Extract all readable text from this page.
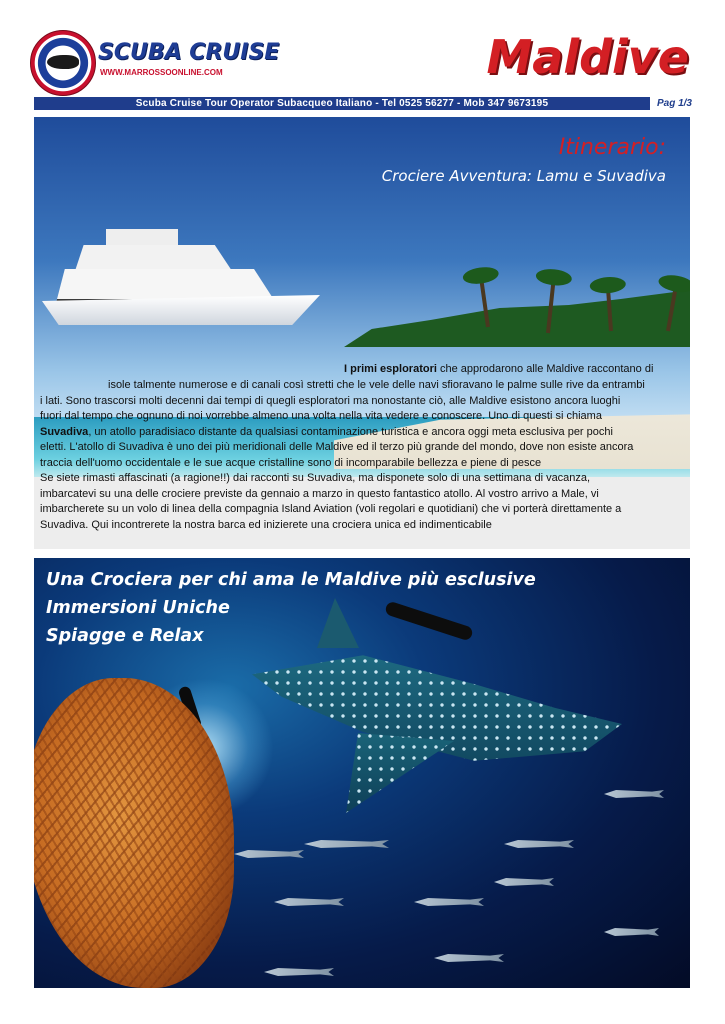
SCUBA CRUISE
WWW.MARROSSOONLINE.COM	Maldive
Scuba Cruise Tour Operator Subacqueo Italiano - Tel 0525 56277 - Mob 347 9673195	Pag 1/3
Itinerario:
Crociere Avventura: Lamu e Suvadiva
I primi esploratori che approdarono alle Maldive raccontano di
isole talmente numerose e di canali così stretti che le vele delle navi sfioravano le palme sulle rive da entrambi
i lati. Sono trascorsi molti decenni dai tempi di quegli esploratori ma nonostante ciò, alle Maldive esistono ancora luoghi
fuori dal tempo che ognuno di noi vorrebbe almeno una volta nella vita vedere e conoscere. Uno di questi si chiama
Suvadiva, un atollo paradisiaco distante da qualsiasi contaminazione turistica e ancora oggi meta esclusiva per pochi
eletti. L'atollo di Suvadiva è uno dei più meridionali delle Maldive ed il terzo più grande del mondo, dove non esiste ancora
traccia dell'uomo occidentale e le sue acque cristalline sono di incomparabile bellezza e piene di pesce
Se siete rimasti affascinati (a ragione!!) dai racconti su Suvadiva, ma disponete solo di una settimana di vacanza,
imbarcatevi su una delle crociere previste da gennaio a marzo in questo fantastico atollo. Al vostro arrivo a Male, vi
imbarcherete su un volo di linea della compagnia Island Aviation (voli regolari e quotidiani) che vi porterà direttamente a
Suvadiva. Qui incontrerete la nostra barca ed inizierete una crociera unica ed indimenticabile
Una Crociera per chi ama le Maldive più esclusive
Immersioni Uniche
Spiagge e Relax
